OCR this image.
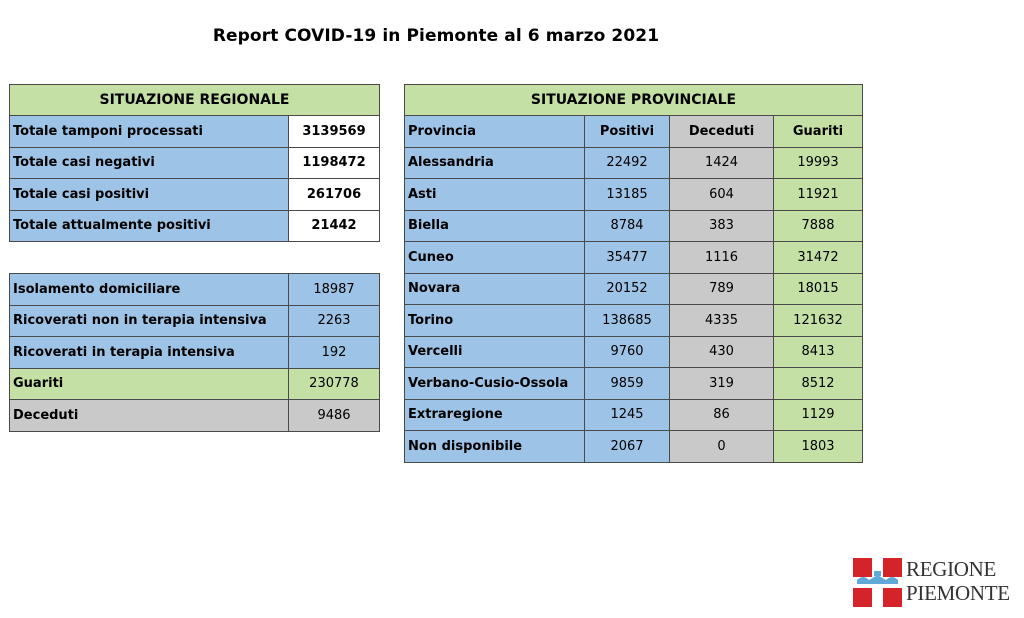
Report COVID-19 in Piemonte al 6 marzo 2021
SITUAZIONE REGIONALE	
Totale tamponi processati	3139569
Totale casi negativi	1198472
Totale casi positivi	261706
Totale attualmente positivi	21442
Isolamento domiciliare	18987
Ricoverati non in terapia intensiva	2263
Ricoverati in terapia intensiva	192
Guariti	230778
Deceduti	9486
SITUAZIONE PROVINCIALE			
Provincia	Positivi	Deceduti	Guariti
Alessandria	22492	1424	19993
Asti	13185	604	11921
Biella	8784	383	7888
Cuneo	35477	1116	31472
Novara	20152	789	18015
Torino	138685	4335	121632
Vercelli	9760	430	8413
Verbano-Cusio-Ossola	9859	319	8512
Extraregione	1245	86	1129
Non disponibile	2067	0	1803
REGIONE
PIEMONTE
